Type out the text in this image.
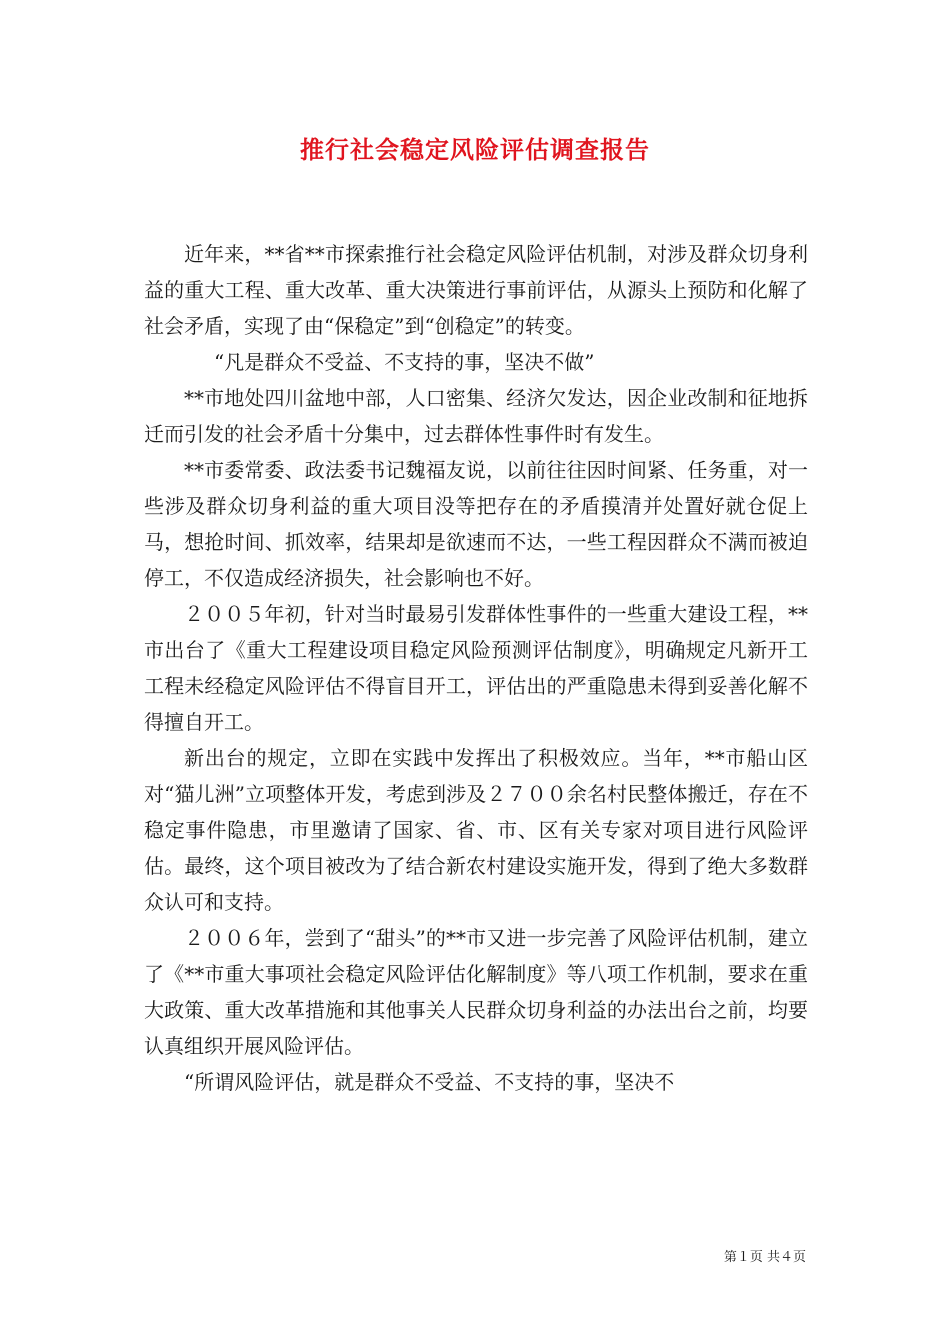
推行社会稳定风险评估调查报告

近年来，**省**市探索推行社会稳定风险评估机制，对涉及群众切身利益的重大工程、重大改革、重大决策进行事前评估，从源头上预防和化解了社会矛盾，实现了由“保稳定”到“创稳定”的转变。

“凡是群众不受益、不支持的事，坚决不做”

**市地处四川盆地中部，人口密集、经济欠发达，因企业改制和征地拆迁而引发的社会矛盾十分集中，过去群体性事件时有发生。

**市委常委、政法委书记魏福友说，以前往往因时间紧、任务重，对一些涉及群众切身利益的重大项目没等把存在的矛盾摸清并处置好就仓促上马，想抢时间、抓效率，结果却是欲速而不达，一些工程因群众不满而被迫停工，不仅造成经济损失，社会影响也不好。

２００５年初，针对当时最易引发群体性事件的一些重大建设工程，**市出台了《重大工程建设项目稳定风险预测评估制度》，明确规定凡新开工工程未经稳定风险评估不得盲目开工，评估出的严重隐患未得到妥善化解不得擅自开工。

新出台的规定，立即在实践中发挥出了积极效应。当年，**市船山区对“猫儿洲”立项整体开发，考虑到涉及２７００余名村民整体搬迁，存在不稳定事件隐患，市里邀请了国家、省、市、区有关专家对项目进行风险评估。最终，这个项目被改为了结合新农村建设实施开发，得到了绝大多数群众认可和支持。

２００６年，尝到了“甜头”的**市又进一步完善了风险评估机制，建立了《**市重大事项社会稳定风险评估化解制度》等八项工作机制，要求在重大政策、重大改革措施和其他事关人民群众切身利益的办法出台之前，均要认真组织开展风险评估。

“所谓风险评估，就是群众不受益、不支持的事，坚决不

第１页 共４页
